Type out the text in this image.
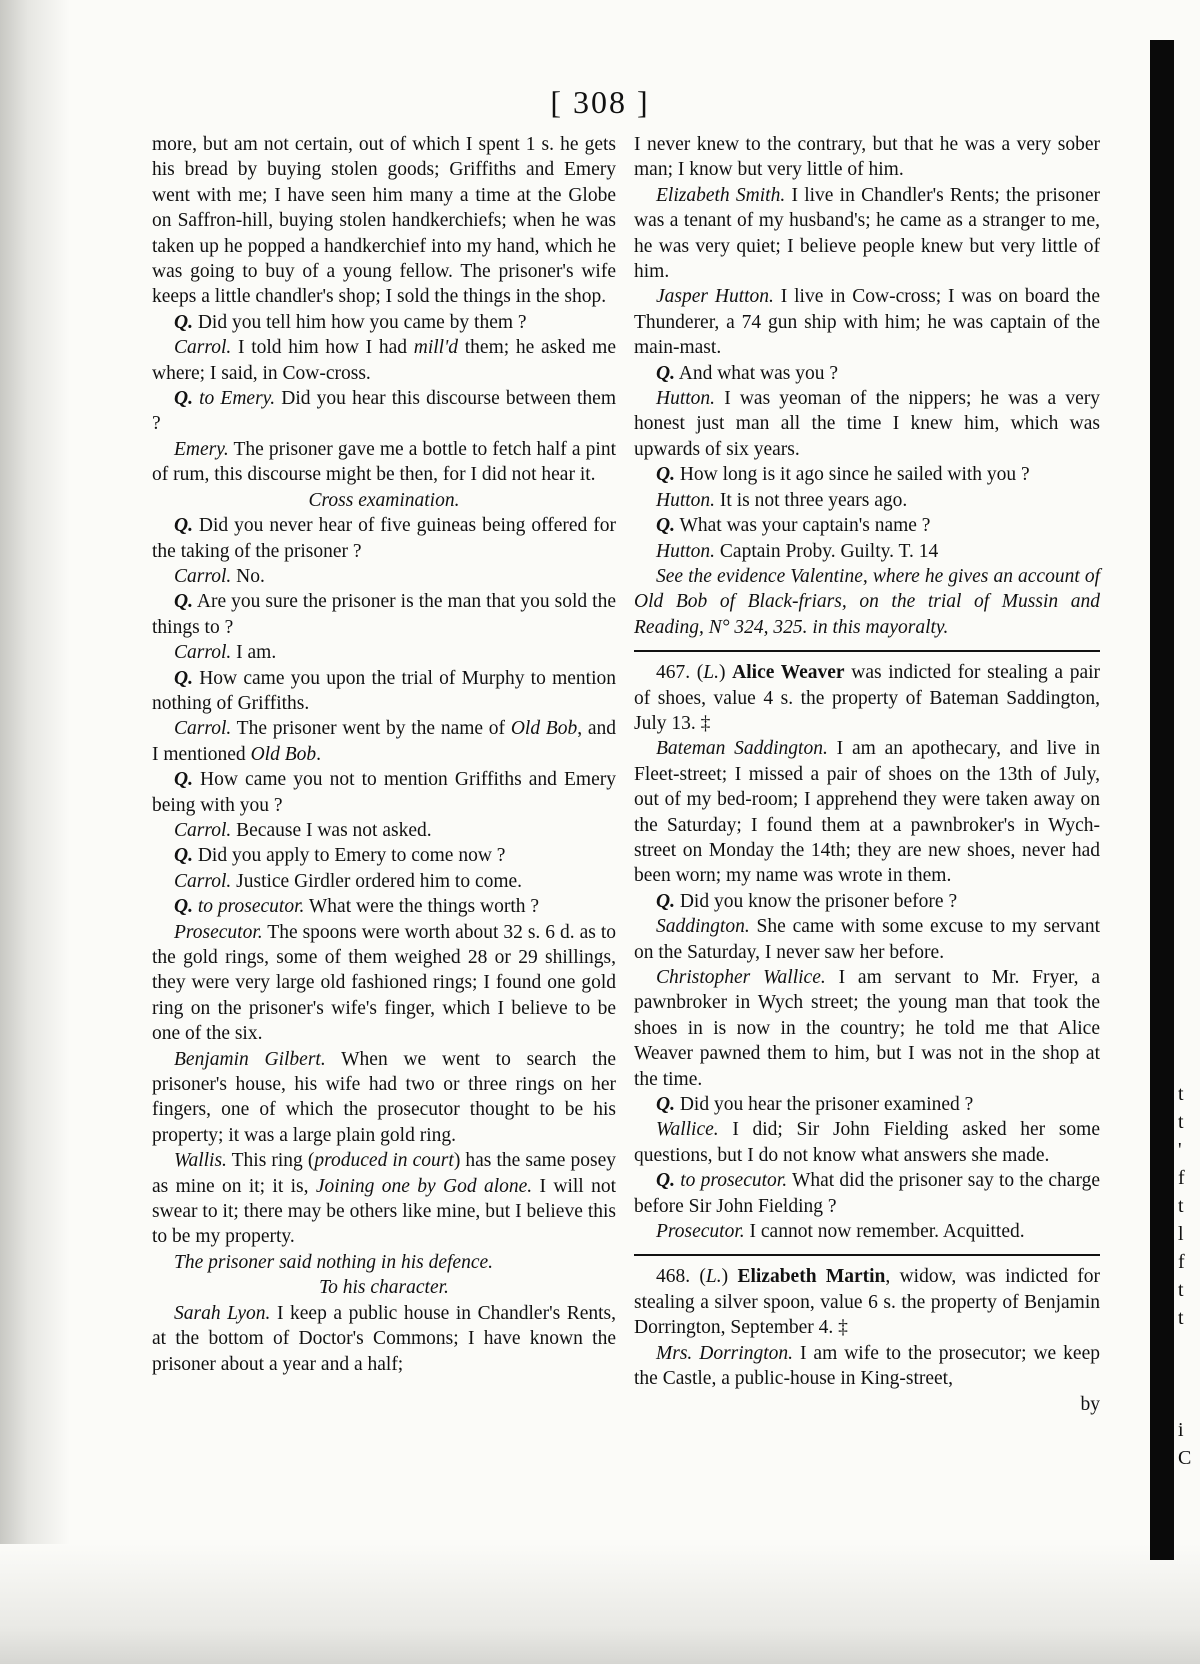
t
t
'
f
t
l
f
t
t

i
C
[ 308 ]

more, but am not certain, out of which I spent 1 s. he gets his bread by buying stolen goods; Griffiths and Emery went with me; I have seen him many a time at the Globe on Saffron-hill, buying stolen handkerchiefs; when he was taken up he popped a handkerchief into my hand, which he was going to buy of a young fellow. The prisoner's wife keeps a little chandler's shop; I sold the things in the shop.

Q. Did you tell him how you came by them ?

Carrol. I told him how I had mill'd them; he asked me where; I said, in Cow-cross.

Q. to Emery. Did you hear this discourse between them ?

Emery. The prisoner gave me a bottle to fetch half a pint of rum, this discourse might be then, for I did not hear it.

Cross examination.

Q. Did you never hear of five guineas being offered for the taking of the prisoner ?

Carrol. No.

Q. Are you sure the prisoner is the man that you sold the things to ?

Carrol. I am.

Q. How came you upon the trial of Murphy to mention nothing of Griffiths.

Carrol. The prisoner went by the name of Old Bob, and I mentioned Old Bob.

Q. How came you not to mention Griffiths and Emery being with you ?

Carrol. Because I was not asked.

Q. Did you apply to Emery to come now ?

Carrol. Justice Girdler ordered him to come.

Q. to prosecutor. What were the things worth ?

Prosecutor. The spoons were worth about 32 s. 6 d. as to the gold rings, some of them weighed 28 or 29 shillings, they were very large old fashioned rings; I found one gold ring on the prisoner's wife's finger, which I believe to be one of the six.

Benjamin Gilbert. When we went to search the prisoner's house, his wife had two or three rings on her fingers, one of which the prosecutor thought to be his property; it was a large plain gold ring.

Wallis. This ring (produced in court) has the same posey as mine on it; it is, Joining one by God alone. I will not swear to it; there may be others like mine, but I believe this to be my property.

The prisoner said nothing in his defence.

To his character.

Sarah Lyon. I keep a public house in Chandler's Rents, at the bottom of Doctor's Commons; I have known the prisoner about a year and a half;

I never knew to the contrary, but that he was a very sober man; I know but very little of him.

Elizabeth Smith. I live in Chandler's Rents; the prisoner was a tenant of my husband's; he came as a stranger to me, he was very quiet; I believe people knew but very little of him.

Jasper Hutton. I live in Cow-cross; I was on board the Thunderer, a 74 gun ship with him; he was captain of the main-mast.

Q. And what was you ?

Hutton. I was yeoman of the nippers; he was a very honest just man all the time I knew him, which was upwards of six years.

Q. How long is it ago since he sailed with you ?

Hutton. It is not three years ago.

Q. What was your captain's name ?

Hutton. Captain Proby. Guilty. T. 14

See the evidence Valentine, where he gives an account of Old Bob of Black-friars, on the trial of Mussin and Reading, N° 324, 325. in this mayoralty.

467. (L.) Alice Weaver was indicted for stealing a pair of shoes, value 4 s. the property of Bateman Saddington, July 13. ‡

Bateman Saddington. I am an apothecary, and live in Fleet-street; I missed a pair of shoes on the 13th of July, out of my bed-room; I apprehend they were taken away on the Saturday; I found them at a pawnbroker's in Wych-street on Monday the 14th; they are new shoes, never had been worn; my name was wrote in them.

Q. Did you know the prisoner before ?

Saddington. She came with some excuse to my servant on the Saturday, I never saw her before.

Christopher Wallice. I am servant to Mr. Fryer, a pawnbroker in Wych street; the young man that took the shoes in is now in the country; he told me that Alice Weaver pawned them to him, but I was not in the shop at the time.

Q. Did you hear the prisoner examined ?

Wallice. I did; Sir John Fielding asked her some questions, but I do not know what answers she made.

Q. to prosecutor. What did the prisoner say to the charge before Sir John Fielding ?

Prosecutor. I cannot now remember. Acquitted.

468. (L.) Elizabeth Martin, widow, was indicted for stealing a silver spoon, value 6 s. the property of Benjamin Dorrington, September 4. ‡

Mrs. Dorrington. I am wife to the prosecutor; we keep the Castle, a public-house in King-street,

by
